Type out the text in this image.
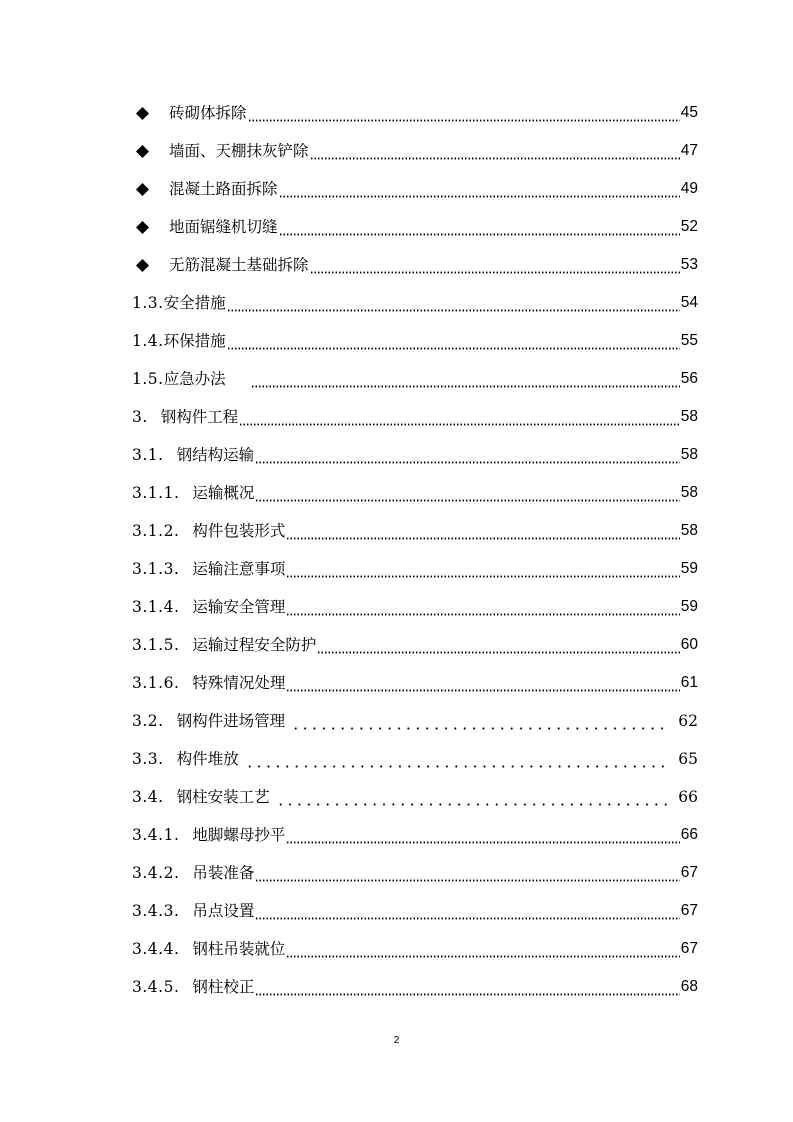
砖砌体拆除	45
墙面、天棚抹灰铲除	47
混凝土路面拆除	49
地面锯缝机切缝	52
无筋混凝土基础拆除	53
1.3. 安全措施	54
1.4. 环保措施	55
1.5. 应急办法	56
3. 钢构件工程	58
3.1. 钢结构运输	58
3.1.1. 运输概况	58
3.1.2. 构件包装形式	58
3.1.3. 运输注意事项	59
3.1.4. 运输安全管理	59
3.1.5. 运输过程安全防护	60
3.1.6. 特殊情况处理	61
3.2. 钢构件进场管理	62
3.3. 构件堆放	65
3.4. 钢柱安装工艺	66
3.4.1. 地脚螺母抄平	66
3.4.2. 吊装准备	67
3.4.3. 吊点设置	67
3.4.4. 钢柱吊装就位	67
3.4.5. 钢柱校正	68
2
